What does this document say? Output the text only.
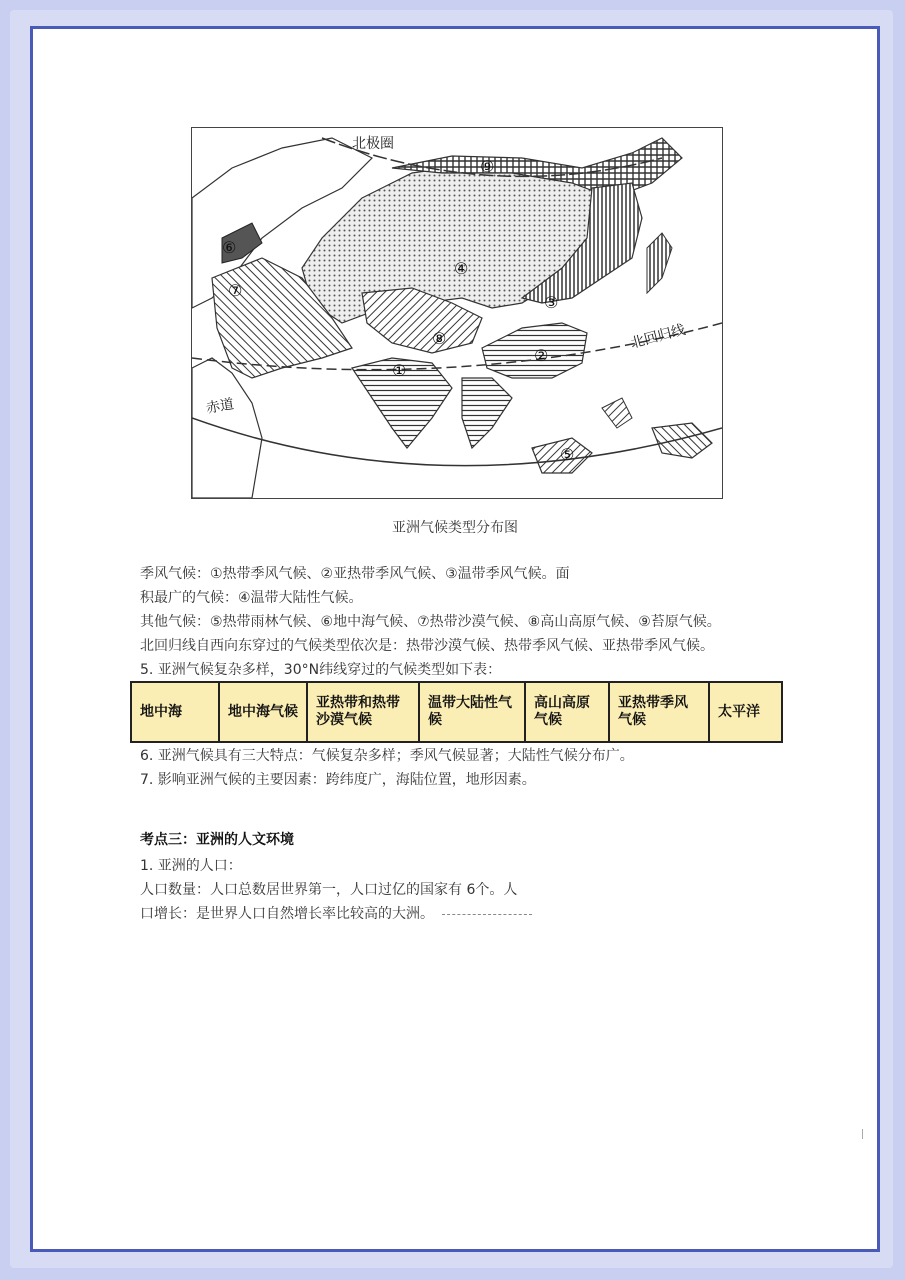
北极圈
北回归线
赤道
①
②
③
④
⑤
⑥
⑦
⑧
⑨
亚洲气候类型分布图
季风气候：①热带季风气候、②亚热带季风气候、③温带季风气候。面
积最广的气候：④温带大陆性气候。
其他气候：⑤热带雨林气候、⑥地中海气候、⑦热带沙漠气候、⑧高山高原气候、⑨苔原气候。
北回归线自西向东穿过的气候类型依次是：热带沙漠气候、热带季风气候、亚热带季风气候。
5. 亚洲气候复杂多样，30°N纬线穿过的气候类型如下表：
地中海	地中海气候	亚热带和热带沙漠气候	温带大陆性气候	高山高原气候	亚热带季风气候	太平洋
6. 亚洲气候具有三大特点：气候复杂多样；季风气候显著；大陆性气候分布广。
7. 影响亚洲气候的主要因素：跨纬度广，海陆位置，地形因素。
考点三：亚洲的人文环境
1. 亚洲的人口：
人口数量：人口总数居世界第一，人口过亿的国家有 6个。人
口增长：是世界人口自然增长率比较高的大洲。
